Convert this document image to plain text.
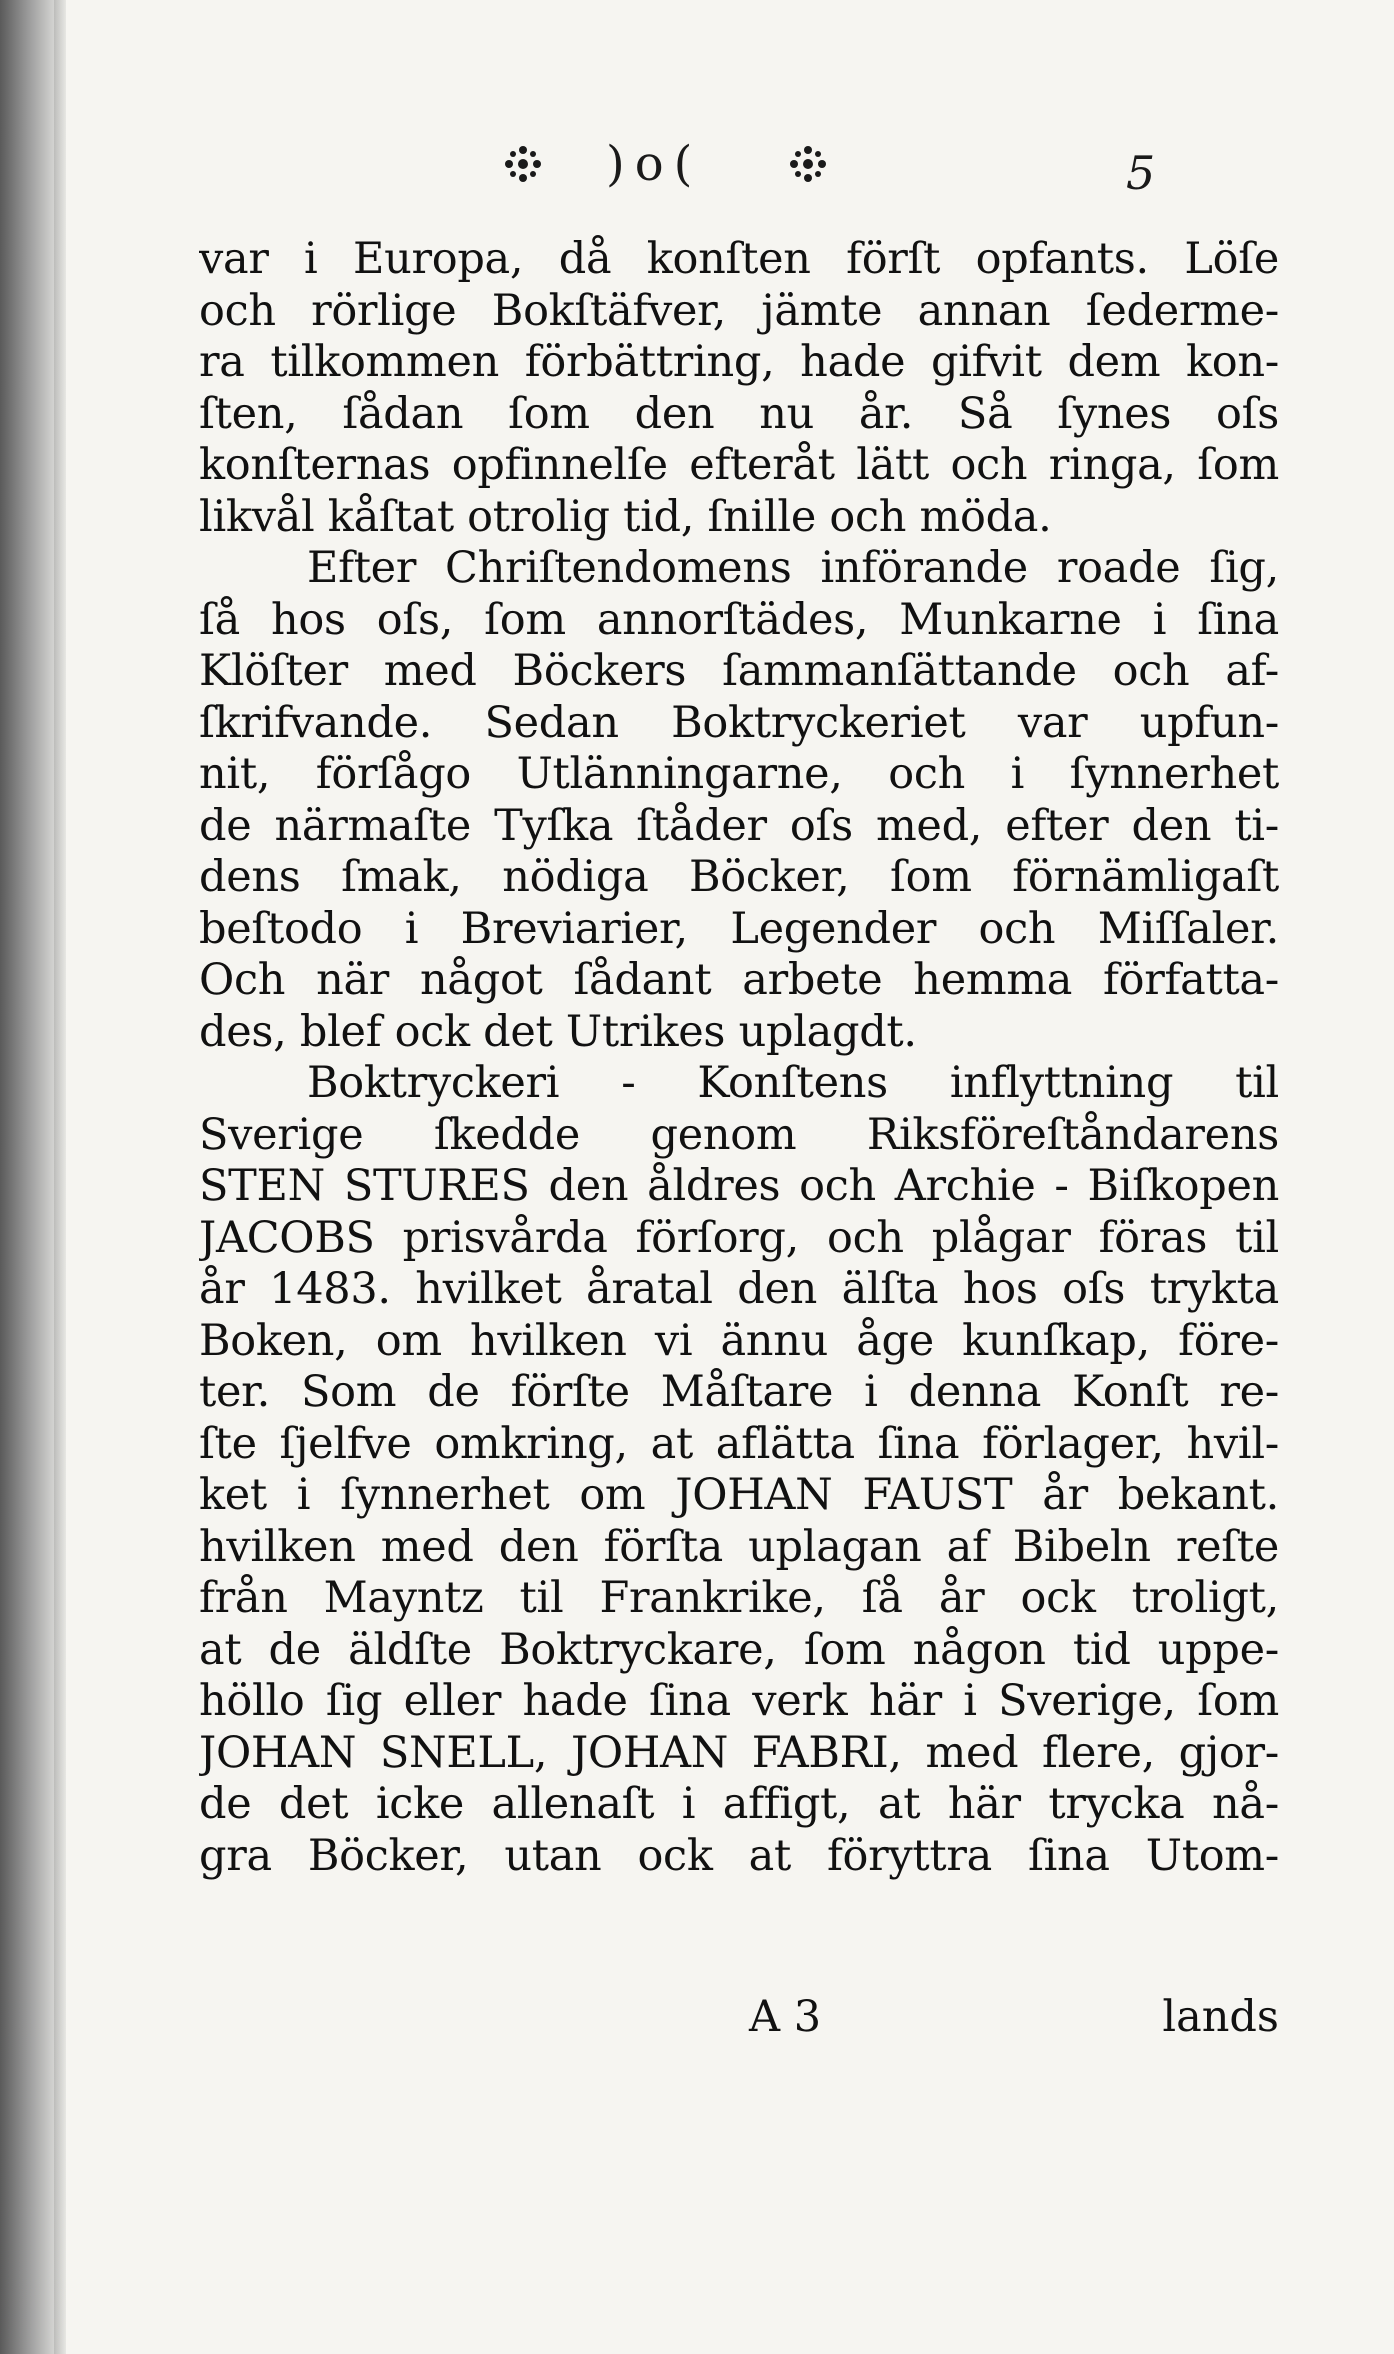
)o(	5
var i Europa, då konſten förſt opfants. Löſe
och rörlige Bokſtäfver, jämte annan ſederme-
ra tilkommen förbättring, hade gifvit dem kon-
ſten, ſådan ſom den nu år. Så ſynes oſs
konſternas opfinnelſe efteråt lätt och ringa, ſom
likvål kåſtat otrolig tid, ſnille och möda.
Efter Chriſtendomens införande roade ſig,
ſå hos oſs, ſom annorſtädes, Munkarne i ſina
Klöſter med Böckers ſammanſättande och af-
ſkrifvande. Sedan Boktryckeriet var upfun-
nit, förſågo Utlänningarne, och i ſynnerhet
de närmaſte Tyſka ſtåder oſs med, efter den ti-
dens ſmak, nödiga Böcker, ſom förnämligaſt
beſtodo i Breviarier, Legender och Miſſaler.
Och när något ſådant arbete hemma författa-
des, blef ock det Utrikes uplagdt.
Boktryckeri - Konſtens inflyttning til
Sverige ſkedde genom Riksföreſtåndarens
STEN STURES den åldres och Archie - Biſkopen
JACOBS prisvårda förſorg, och plågar föras til
år 1483. hvilket åratal den älſta hos oſs trykta
Boken, om hvilken vi ännu åge kunſkap, före-
ter. Som de förſte Måſtare i denna Konſt re-
ſte ſjelfve omkring, at aflätta ſina förlager, hvil-
ket i ſynnerhet om JOHAN FAUST år bekant.
hvilken med den förſta uplagan af Bibeln reſte
från Mayntz til Frankrike, ſå år ock troligt,
at de äldſte Boktryckare, ſom någon tid uppe-
höllo ſig eller hade ſina verk här i Sverige, ſom
JOHAN SNELL, JOHAN FABRI, med flere, gjor-
de det icke allenaſt i affigt, at här trycka nå-
gra Böcker, utan ock at föryttra ſina Utom-
A 3	lands
